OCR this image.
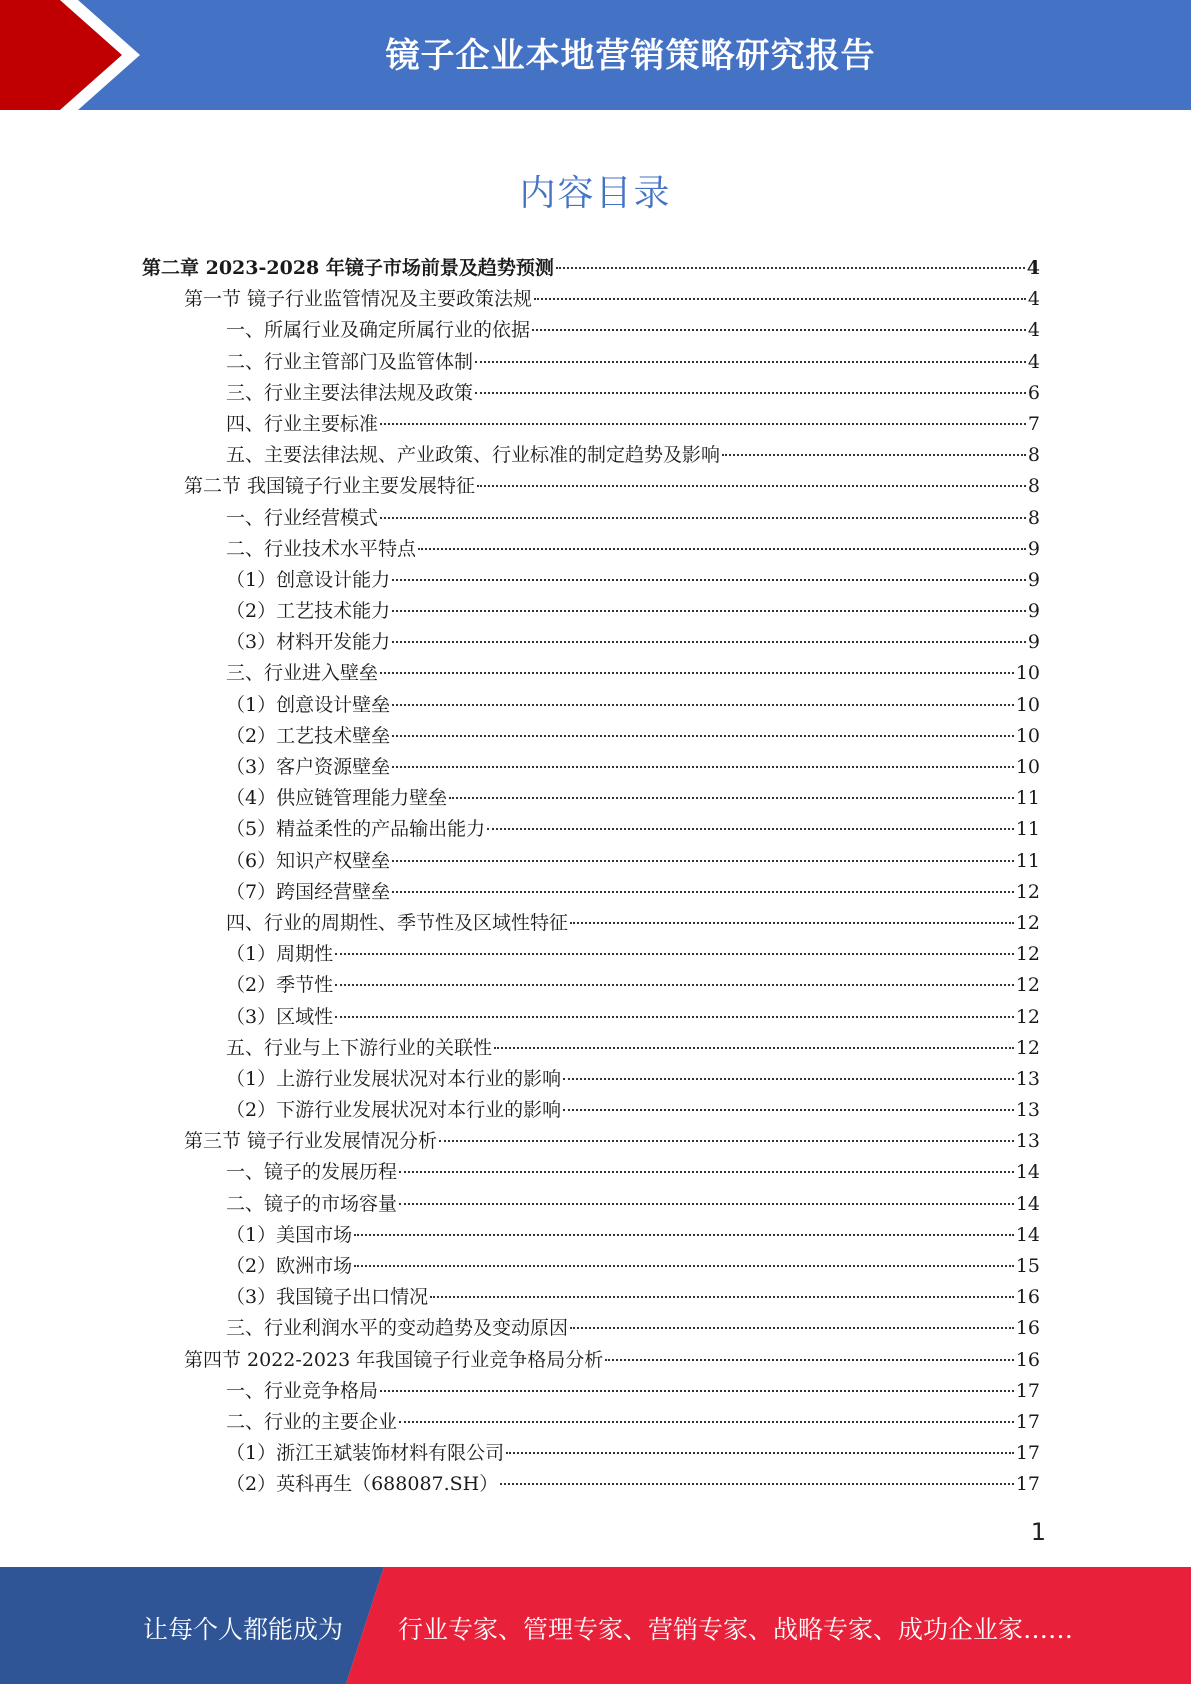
镜子企业本地营销策略研究报告
内容目录
第二章 2023-2028 年镜子市场前景及趋势预测	4
第一节 镜子行业监管情况及主要政策法规	4
一、所属行业及确定所属行业的依据	4
二、行业主管部门及监管体制	4
三、行业主要法律法规及政策	6
四、行业主要标准	7
五、主要法律法规、产业政策、行业标准的制定趋势及影响	8
第二节 我国镜子行业主要发展特征	8
一、行业经营模式	8
二、行业技术水平特点	9
（1）创意设计能力	9
（2）工艺技术能力	9
（3）材料开发能力	9
三、行业进入壁垒	10
（1）创意设计壁垒	10
（2）工艺技术壁垒	10
（3）客户资源壁垒	10
（4）供应链管理能力壁垒	11
（5）精益柔性的产品输出能力	11
（6）知识产权壁垒	11
（7）跨国经营壁垒	12
四、行业的周期性、季节性及区域性特征	12
（1）周期性	12
（2）季节性	12
（3）区域性	12
五、行业与上下游行业的关联性	12
（1）上游行业发展状况对本行业的影响	13
（2）下游行业发展状况对本行业的影响	13
第三节 镜子行业发展情况分析	13
一、镜子的发展历程	14
二、镜子的市场容量	14
（1）美国市场	14
（2）欧洲市场	15
（3）我国镜子出口情况	16
三、行业利润水平的变动趋势及变动原因	16
第四节 2022-2023 年我国镜子行业竞争格局分析	16
一、行业竞争格局	17
二、行业的主要企业	17
（1）浙江王斌装饰材料有限公司	17
（2）英科再生（688087.SH）	17
1
让每个人都能成为 行业专家、管理专家、营销专家、战略专家、成功企业家……
